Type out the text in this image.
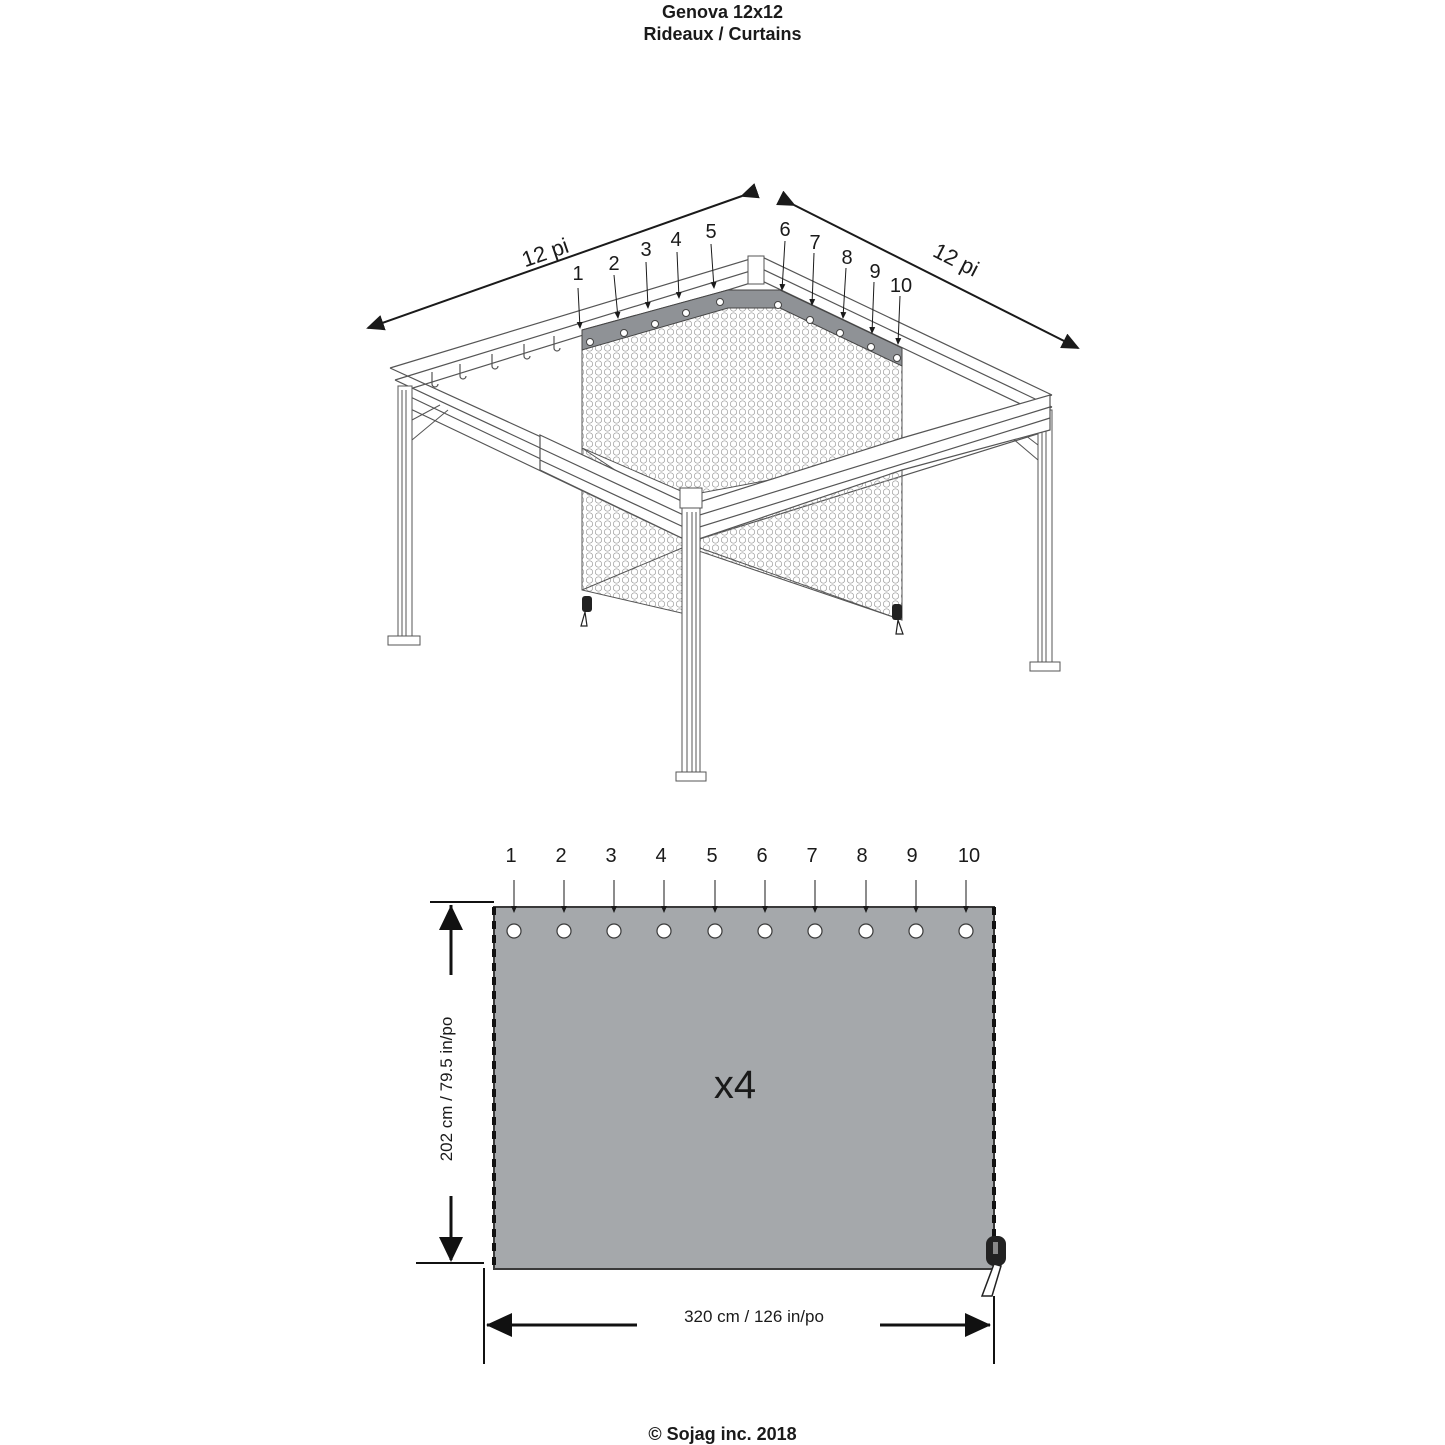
Genova 12x12
Rideaux / Curtains
12 pi	12 pi
1 2
3 4 5	6
7
8
9
10
1 2 3 4 5 6 7 8 9 10
x4
202 cm / 79.5 in/po
320 cm / 126 in/po
© Sojag inc. 2018
